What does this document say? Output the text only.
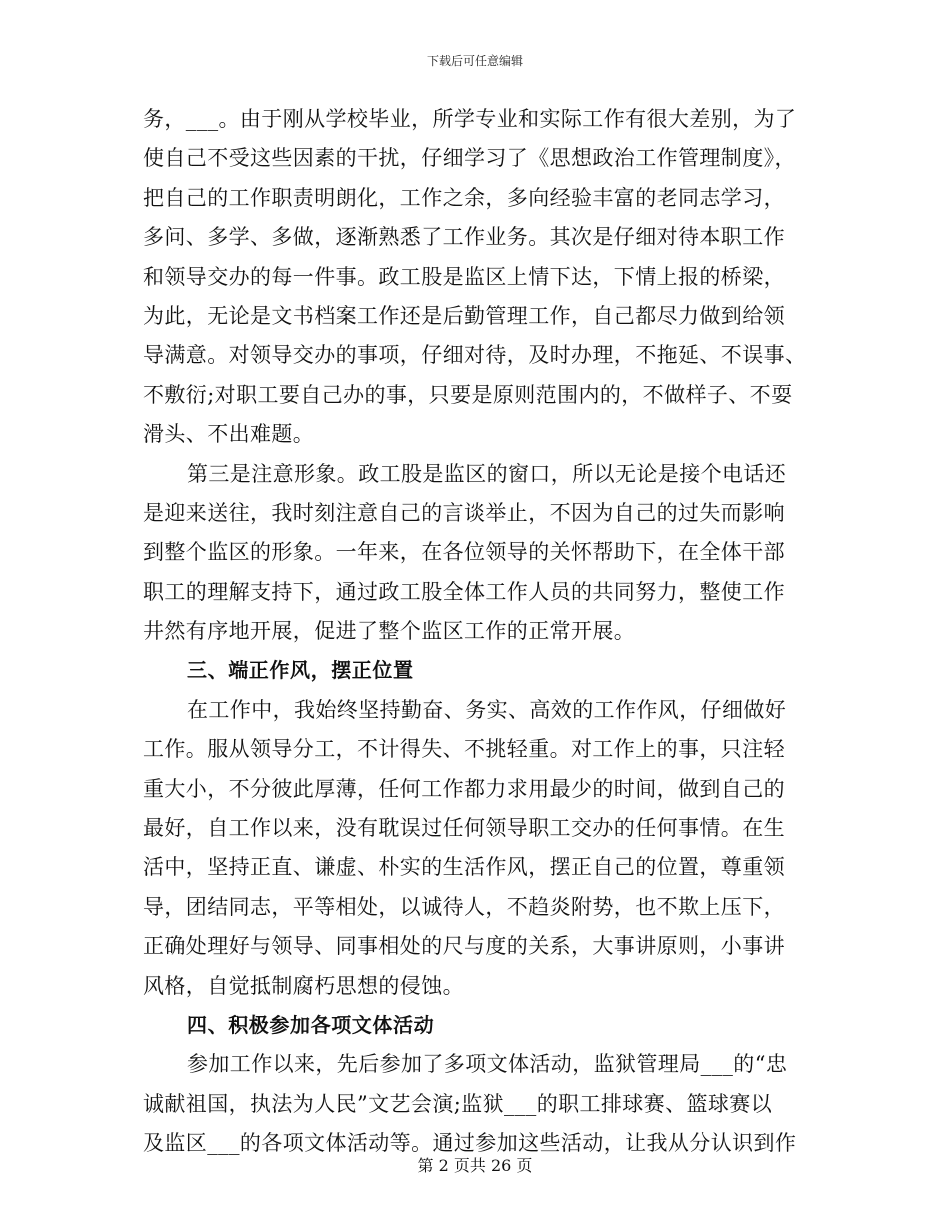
下载后可任意编辑
务，___。由于刚从学校毕业，所学专业和实际工作有很大差别，为了
使自己不受这些因素的干扰，仔细学习了《思想政治工作管理制度》，
把自己的工作职责明朗化，工作之余，多向经验丰富的老同志学习，
多问、多学、多做，逐渐熟悉了工作业务。其次是仔细对待本职工作
和领导交办的每一件事。政工股是监区上情下达，下情上报的桥梁，
为此，无论是文书档案工作还是后勤管理工作，自己都尽力做到给领
导满意。对领导交办的事项，仔细对待，及时办理，不拖延、不误事、
不敷衍;对职工要自己办的事，只要是原则范围内的，不做样子、不耍
滑头、不出难题。
第三是注意形象。政工股是监区的窗口，所以无论是接个电话还
是迎来送往，我时刻注意自己的言谈举止，不因为自己的过失而影响
到整个监区的形象。一年来，在各位领导的关怀帮助下，在全体干部
职工的理解支持下，通过政工股全体工作人员的共同努力，整使工作
井然有序地开展，促进了整个监区工作的正常开展。
三、端正作风，摆正位置
在工作中，我始终坚持勤奋、务实、高效的工作作风，仔细做好
工作。服从领导分工，不计得失、不挑轻重。对工作上的事，只注轻
重大小，不分彼此厚薄，任何工作都力求用最少的时间，做到自己的
最好，自工作以来，没有耽误过任何领导职工交办的任何事情。在生
活中，坚持正直、谦虚、朴实的生活作风，摆正自己的位置，尊重领
导，团结同志，平等相处，以诚待人，不趋炎附势，也不欺上压下，
正确处理好与领导、同事相处的尺与度的关系，大事讲原则，小事讲
风格，自觉抵制腐朽思想的侵蚀。
四、积极参加各项文体活动
参加工作以来，先后参加了多项文体活动，监狱管理局___的“忠
诚献祖国，执法为人民”文艺会演;监狱___的职工排球赛、篮球赛以
及监区___的各项文体活动等。通过参加这些活动，让我从分认识到作
第 2 页共 26 页
